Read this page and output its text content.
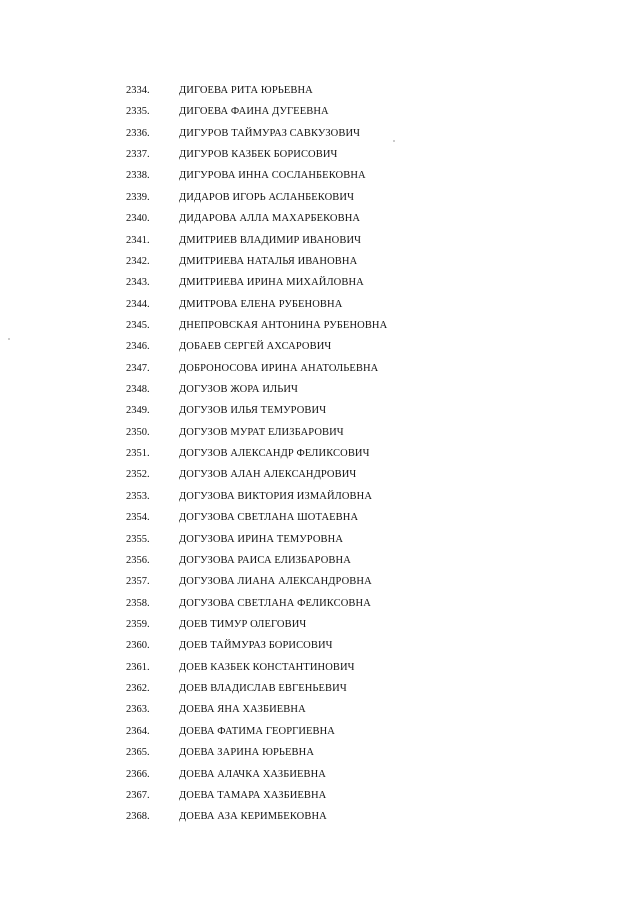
2334.	ДИГОЕВА РИТА ЮРЬЕВНА
2335.	ДИГОЕВА ФАИНА ДУГЕЕВНА
2336.	ДИГУРОВ ТАЙМУРАЗ САВКУЗОВИЧ
2337.	ДИГУРОВ КАЗБЕК БОРИСОВИЧ
2338.	ДИГУРОВА ИННА СОСЛАНБЕКОВНА
2339.	ДИДАРОВ ИГОРЬ АСЛАНБЕКОВИЧ
2340.	ДИДАРОВА АЛЛА МАХАРБЕКОВНА
2341.	ДМИТРИЕВ ВЛАДИМИР ИВАНОВИЧ
2342.	ДМИТРИЕВА НАТАЛЬЯ ИВАНОВНА
2343.	ДМИТРИЕВА ИРИНА МИХАЙЛОВНА
2344.	ДМИТРОВА ЕЛЕНА РУБЕНОВНА
2345.	ДНЕПРОВСКАЯ АНТОНИНА РУБЕНОВНА
2346.	ДОБАЕВ СЕРГЕЙ АХСАРОВИЧ
2347.	ДОБРОНОСОВА ИРИНА АНАТОЛЬЕВНА
2348.	ДОГУЗОВ ЖОРА ИЛЬИЧ
2349.	ДОГУЗОВ ИЛЬЯ ТЕМУРОВИЧ
2350.	ДОГУЗОВ МУРАТ ЕЛИЗБАРОВИЧ
2351.	ДОГУЗОВ АЛЕКСАНДР ФЕЛИКСОВИЧ
2352.	ДОГУЗОВ АЛАН АЛЕКСАНДРОВИЧ
2353.	ДОГУЗОВА ВИКТОРИЯ ИЗМАЙЛОВНА
2354.	ДОГУЗОВА СВЕТЛАНА ШОТАЕВНА
2355.	ДОГУЗОВА ИРИНА ТЕМУРОВНА
2356.	ДОГУЗОВА РАИСА ЕЛИЗБАРОВНА
2357.	ДОГУЗОВА ЛИАНА АЛЕКСАНДРОВНА
2358.	ДОГУЗОВА СВЕТЛАНА ФЕЛИКСОВНА
2359.	ДОЕВ ТИМУР ОЛЕГОВИЧ
2360.	ДОЕВ ТАЙМУРАЗ БОРИСОВИЧ
2361.	ДОЕВ КАЗБЕК КОНСТАНТИНОВИЧ
2362.	ДОЕВ ВЛАДИСЛАВ ЕВГЕНЬЕВИЧ
2363.	ДОЕВА ЯНА ХАЗБИЕВНА
2364.	ДОЕВА ФАТИМА ГЕОРГИЕВНА
2365.	ДОЕВА ЗАРИНА ЮРЬЕВНА
2366.	ДОЕВА АЛАЧКА ХАЗБИЕВНА
2367.	ДОЕВА ТАМАРА ХАЗБИЕВНА
2368.	ДОЕВА АЗА КЕРИМБЕКОВНА
